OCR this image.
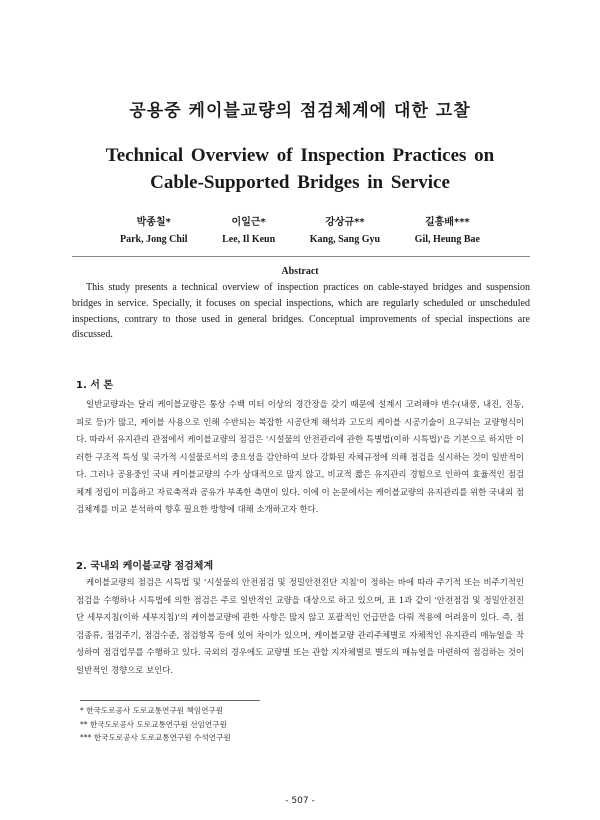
공용중 케이블교량의 점검체계에 대한 고찰
Technical Overview of Inspection Practices on
Cable-Supported Bridges in Service
박종칠*
Park, Jong Chil
이일근*
Lee, Il Keun
강상규**
Kang, Sang Gyu
길흥배***
Gil, Heung Bae
Abstract
This study presents a technical overview of inspection practices on cable-stayed bridges and suspension bridges in service. Specially, it focuses on special inspections, which are regularly scheduled or unscheduled inspections, contrary to those used in general bridges. Conceptual improvements of special inspections are discussed.
1. 서 론
일반교량과는 달리 케이블교량은 통상 수백 미터 이상의 경간장을 갖기 때문에 설계시 고려해야 변수(내풍, 내진, 진동, 피로 등)가 많고, 케이블 사용으로 인해 수반되는 복잡한 시공단계 해석과 고도의 케이블 시공기술이 요구되는 교량형식이다. 따라서 유지관리 관점에서 케이블교량의 점검은 '시설물의 안전관리에 관한 특별법(이하 시특법)'을 기본으로 하지만 이러한 구조적 특성 및 국가적 시설물로서의 중요성을 감안하여 보다 강화된 자체규정에 의해 점검을 실시하는 것이 일반적이다. 그러나 공용중인 국내 케이블교량의 수가 상대적으로 많지 않고, 비교적 짧은 유지관리 경험으로 인하여 효율적인 점검체계 정립이 미흡하고 자료축적과 공유가 부족한 측면이 있다. 이에 이 논문에서는 케이블교량의 유지관리를 위한 국내외 점검체계를 비교 분석하여 향후 필요한 방향에 대해 소개하고자 한다.
2. 국내외 케이블교량 점검체계
케이블교량의 점검은 시특법 및 '시설물의 안전점검 및 정밀안전진단 지침'이 정하는 바에 따라 주기적 또는 비주기적인 점검을 수행하나 시특법에 의한 점검은 주로 일반적인 교량을 대상으로 하고 있으며, 표 1과 같이 '안전점검 및 정밀안전진단 세부지침(이하 세부지침)'의 케이블교량에 관한 사항은 많지 않고 포괄적인 언급만을 다뤄 적용에 어려움이 있다. 즉, 점검종류, 점검주기, 점검수준, 점검항목 등에 있어 차이가 있으며, 케이블교량 관리주체별로 자체적인 유지관리 매뉴얼을 작성하여 점검업무를 수행하고 있다. 국외의 경우에도 교량별 또는 관할 지자체별로 별도의 매뉴얼을 마련하여 점검하는 것이 일반적인 경향으로 보인다.
* 한국도로공사 도로교통연구원 책임연구원
** 한국도로공사 도로교통연구원 선임연구원
*** 한국도로공사 도로교통연구원 수석연구원
- 507 -
